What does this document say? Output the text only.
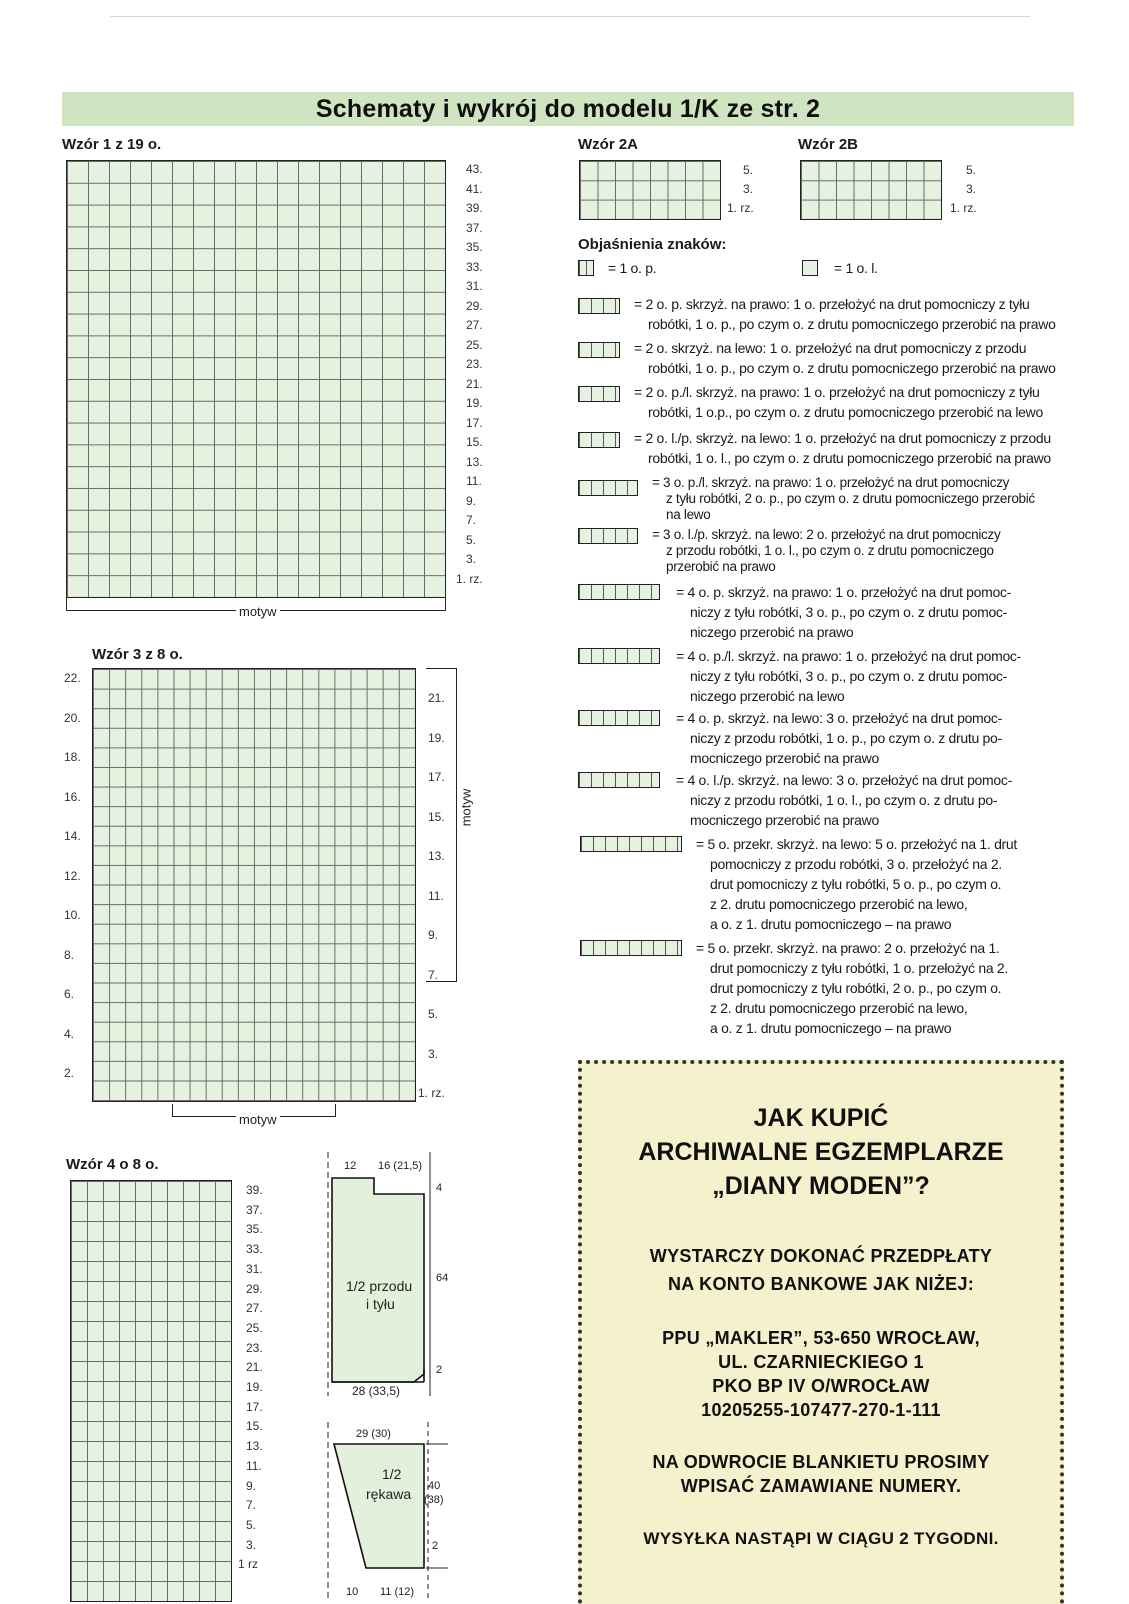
Schematy i wykrój do modelu 1/K ze str. 2
Wzór 1 z 19 o.
43.
41.
39.
37.
35.
33.
31.
29.
27.
25.
23.
21.
19.
17.
15.
13.
11.
9.
7.
5.
3.
1. rz.
motyw
Wzór 2A
5.
3.
1. rz.
Wzór 2B
5.
3.
1. rz.
Objaśnienia znaków:
= 1 o. p.	= 1 o. l.
= 2 o. p. skrzyż. na prawo: 1 o. przełożyć na drut pomocniczy z tyłu
robótki, 1 o. p., po czym o. z drutu pomocniczego przerobić na prawo
= 2 o. skrzyż. na lewo: 1 o. przełożyć na drut pomocniczy z przodu
robótki, 1 o. p., po czym o. z drutu pomocniczego przerobić na prawo
= 2 o. p./l. skrzyż. na prawo: 1 o. przełożyć na drut pomocniczy z tyłu
robótki, 1 o.p., po czym o. z drutu pomocniczego przerobić na lewo
= 2 o. l./p. skrzyż. na lewo: 1 o. przełożyć na drut pomocniczy z przodu
robótki, 1 o. l., po czym o. z drutu pomocniczego przerobić na prawo
= 3 o. p./l. skrzyż. na prawo: 1 o. przełożyć na drut pomocniczy
z tyłu robótki, 2 o. p., po czym o. z drutu pomocniczego przerobić
na lewo
= 3 o. l./p. skrzyż. na lewo: 2 o. przełożyć na drut pomocniczy
z przodu robótki, 1 o. l., po czym o. z drutu pomocniczego
przerobić na prawo
= 4 o. p. skrzyż. na prawo: 1 o. przełożyć na drut pomoc-
niczy z tyłu robótki, 3 o. p., po czym o. z drutu pomoc-
niczego przerobić na prawo
= 4 o. p./l. skrzyż. na prawo: 1 o. przełożyć na drut pomoc-
niczy z tyłu robótki, 3 o. p., po czym o. z drutu pomoc-
niczego przerobić na lewo
= 4 o. p. skrzyż. na lewo: 3 o. przełożyć na drut pomoc-
niczy z przodu robótki, 1 o. p., po czym o. z drutu po-
mocniczego przerobić na prawo
= 4 o. l./p. skrzyż. na lewo: 3 o. przełożyć na drut pomoc-
niczy z przodu robótki, 1 o. l., po czym o. z drutu po-
mocniczego przerobić na prawo
= 5 o. przekr. skrzyż. na lewo: 5 o. przełożyć na 1. drut
pomocniczy z przodu robótki, 3 o. przełożyć na 2.
drut pomocniczy z tyłu robótki, 5 o. p., po czym o.
z 2. drutu pomocniczego przerobić na lewo,
a o. z 1. drutu pomocniczego – na prawo
= 5 o. przekr. skrzyż. na prawo: 2 o. przełożyć na 1.
drut pomocniczy z tyłu robótki, 1 o. przełożyć na 2.
drut pomocniczy z tyłu robótki, 2 o. p., po czym o.
z 2. drutu pomocniczego przerobić na lewo,
a o. z 1. drutu pomocniczego – na prawo
Wzór 3 z 8 o.
22.
20.
18.
16.
14.
12.
10.
8.
6.
4.
2.
21.
19.
17.
15.
13.
11.
9.
7.
5.
3.
1. rz.
motyw
motyw
Wzór 4 o 8 o.
39.
37.
35.
33.
31.
29.
27.
25.
23.
21.
19.
17.
15.
13.
11.
9.
7.
5.
3.
1 rz
12 16 (21,5)
4
1/2 przodu
i tyłu
64
2
28 (33,5)
29 (30)
1/2
rękawa 40
(38)
2
10 11 (12)
JAK KUPIĆ
ARCHIWALNE EGZEMPLARZE
„DIANY MODEN”?
WYSTARCZY DOKONAĆ PRZEDPŁATY
NA KONTO BANKOWE JAK NIŻEJ:
PPU „MAKLER”, 53-650 WROCŁAW,
UL. CZARNIECKIEGO 1
PKO BP IV O/WROCŁAW
10205255-107477-270-1-111
NA ODWROCIE BLANKIETU PROSIMY
WPISAĆ ZAMAWIANE NUMERY.
WYSYŁKA NASTĄPI W CIĄGU 2 TYGODNI.
